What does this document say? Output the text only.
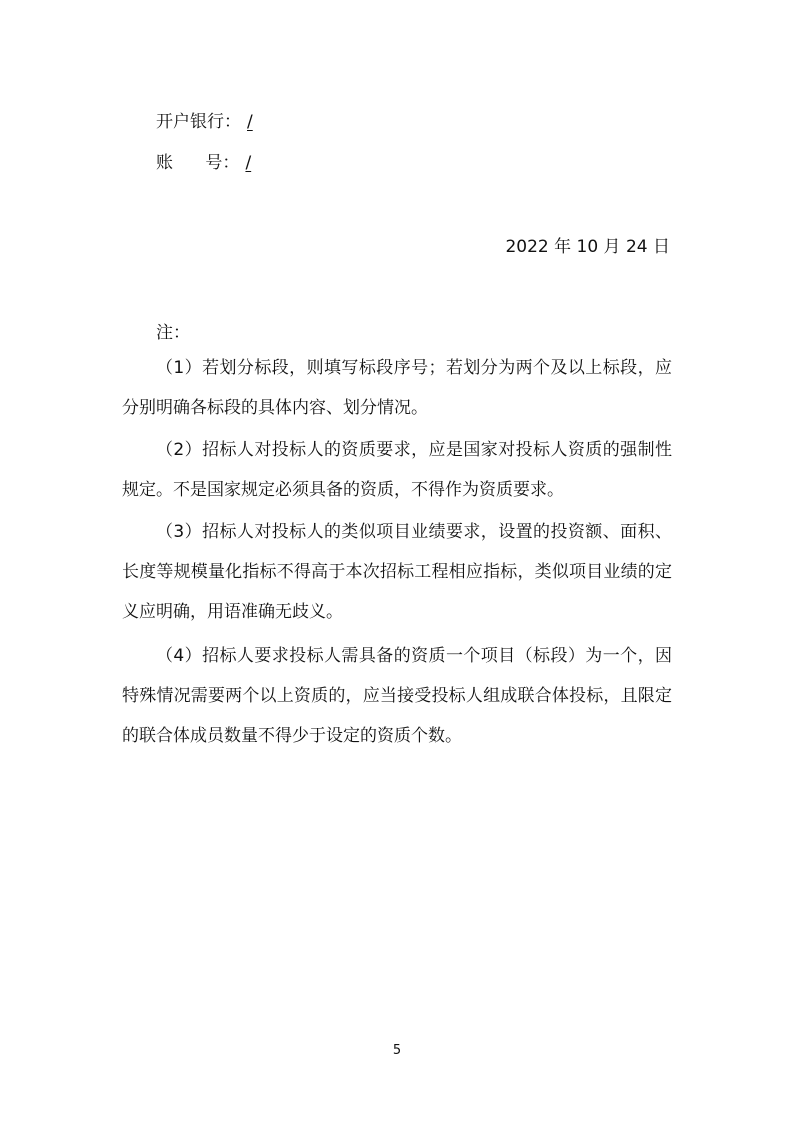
开户银行： /
账      号： /
2022 年 10 月 24 日
注：

（1）若划分标段，则填写标段序号；若划分为两个及以上标段，应分别明确各标段的具体内容、划分情况。

（2）招标人对投标人的资质要求，应是国家对投标人资质的强制性规定。不是国家规定必须具备的资质，不得作为资质要求。

（3）招标人对投标人的类似项目业绩要求，设置的投资额、面积、长度等规模量化指标不得高于本次招标工程相应指标，类似项目业绩的定义应明确，用语准确无歧义。

（4）招标人要求投标人需具备的资质一个项目（标段）为一个，因特殊情况需要两个以上资质的，应当接受投标人组成联合体投标，且限定的联合体成员数量不得少于设定的资质个数。

5
